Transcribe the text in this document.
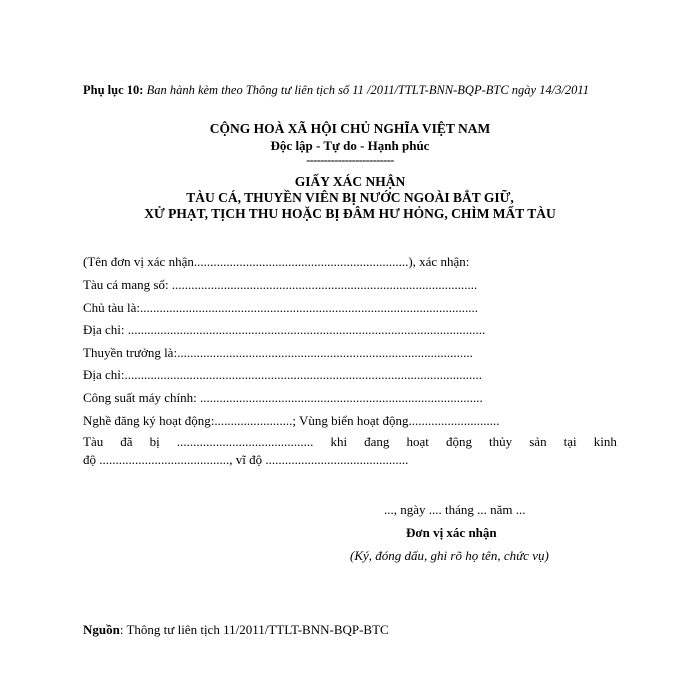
Phụ lục 10: Ban hành kèm theo Thông tư liên tịch số 11 /2011/TTLT-BNN-BQP-BTC ngày 14/3/2011
CỘNG HOÀ XÃ HỘI CHỦ NGHĨA VIỆT NAM
Độc lập - Tự do - Hạnh phúc
-------------------------
GIẤY XÁC NHẬN
TÀU CÁ, THUYỀN VIÊN BỊ NƯỚC NGOÀI BẮT GIỮ,
XỬ PHẠT, TỊCH THU HOẶC BỊ ĐÂM HƯ HỎNG, CHÌM MẤT TÀU
(Tên đơn vị xác nhận..................................................................), xác nhận:
Tàu cá mang số: ..............................................................................................
Chủ tàu là:........................................................................................................
Địa chỉ: ..............................................................................................................
Thuyền trưởng là:...........................................................................................
Địa chỉ:..............................................................................................................
Công suất máy chính: .......................................................................................
Nghề đăng ký hoạt động:........................; Vùng biển hoạt động............................
Tàu đã bị .......................................... khi đang hoạt động thủy sản tại kinh
độ ........................................, vĩ độ ............................................
..., ngày .... tháng ... năm ...
Đơn vị xác nhận
(Ký, đóng dấu, ghi rõ họ tên, chức vụ)
Nguồn: Thông tư liên tịch 11/2011/TTLT-BNN-BQP-BTC
